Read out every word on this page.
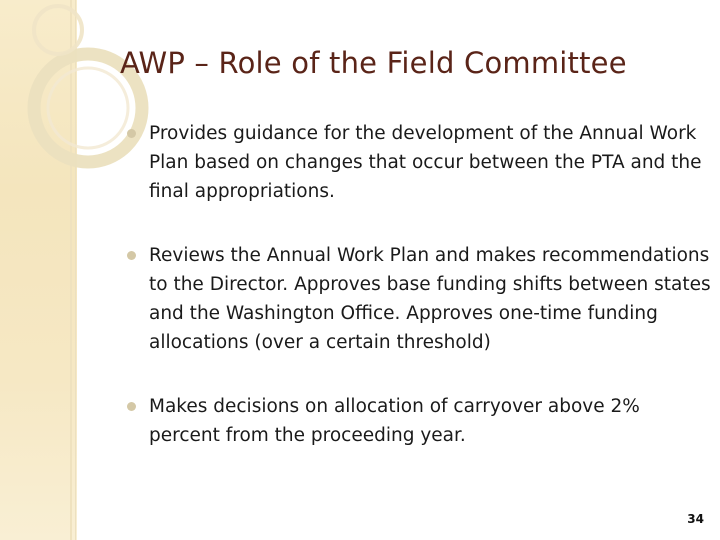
AWP – Role of the Field Committee
Provides guidance for the development of the Annual Work Plan based on changes that occur between the PTA and the final appropriations.
Reviews the Annual Work Plan and makes recommendations to the Director. Approves base funding shifts between states and the Washington Office. Approves one-time funding allocations (over a certain threshold)
Makes decisions on allocation of carryover above 2% percent from the proceeding year.
34
